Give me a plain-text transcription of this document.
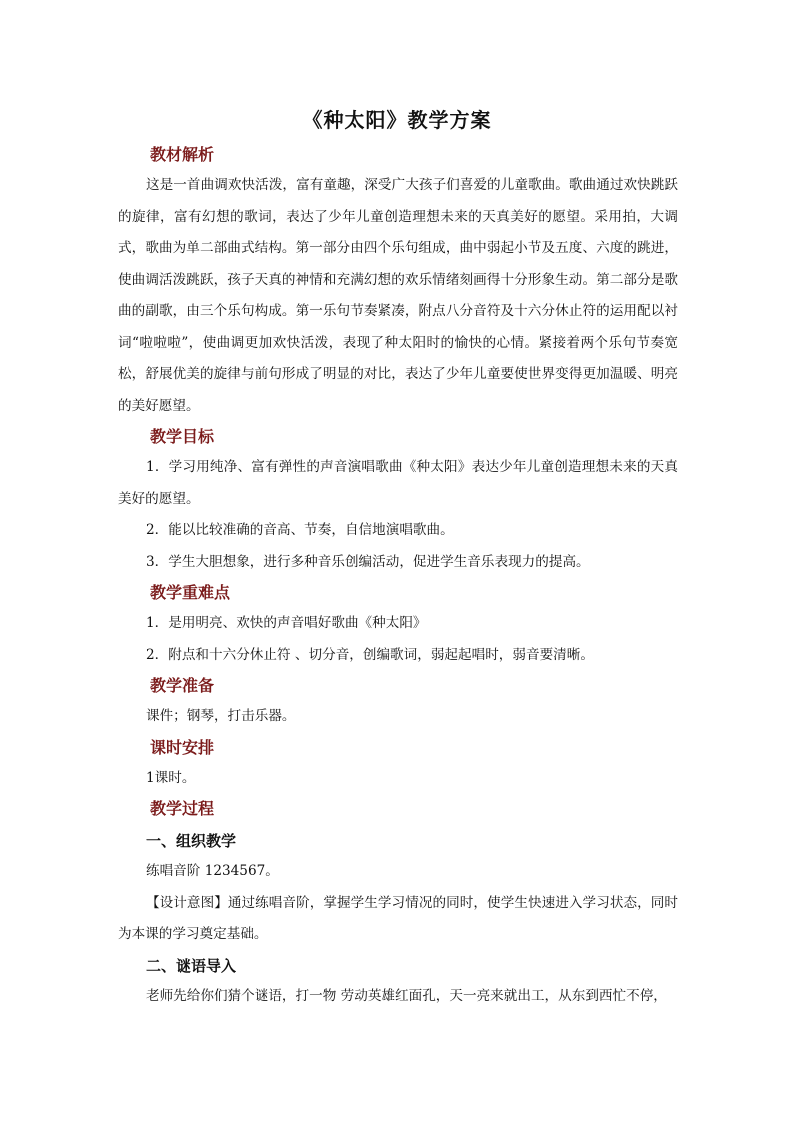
《种太阳》教学方案
教材解析

这是一首曲调欢快活泼，富有童趣，深受广大孩子们喜爱的儿童歌曲。歌曲通过欢快跳跃的旋律，富有幻想的歌词，表达了少年儿童创造理想未来的天真美好的愿望。采用拍，大调式，歌曲为单二部曲式结构。第一部分由四个乐句组成，曲中弱起小节及五度、六度的跳进，使曲调活泼跳跃，孩子天真的神情和充满幻想的欢乐情绪刻画得十分形象生动。第二部分是歌曲的副歌，由三个乐句构成。第一乐句节奏紧凑，附点八分音符及十六分休止符的运用配以衬词“啦啦啦”，使曲调更加欢快活泼，表现了种太阳时的愉快的心情。紧接着两个乐句节奏宽松，舒展优美的旋律与前句形成了明显的对比，表达了少年儿童要使世界变得更加温暖、明亮的美好愿望。

教学目标

1．学习用纯净、富有弹性的声音演唱歌曲《种太阳》表达少年儿童创造理想未来的天真美好的愿望。

2．能以比较准确的音高、节奏，自信地演唱歌曲。

3．学生大胆想象，进行多种音乐创编活动，促进学生音乐表现力的提高。

教学重难点

1．是用明亮、欢快的声音唱好歌曲《种太阳》

2．附点和十六分休止符 、切分音，创编歌词，弱起起唱时，弱音要清晰。

教学准备

课件；钢琴，打击乐器。

课时安排

1课时。

教学过程
一、组织教学

练唱音阶 1234567。

【设计意图】通过练唱音阶，掌握学生学习情况的同时，使学生快速进入学习状态，同时为本课的学习奠定基础。

二、谜语导入

老师先给你们猜个谜语，打一物 劳动英雄红面孔，天一亮来就出工，从东到西忙不停，
